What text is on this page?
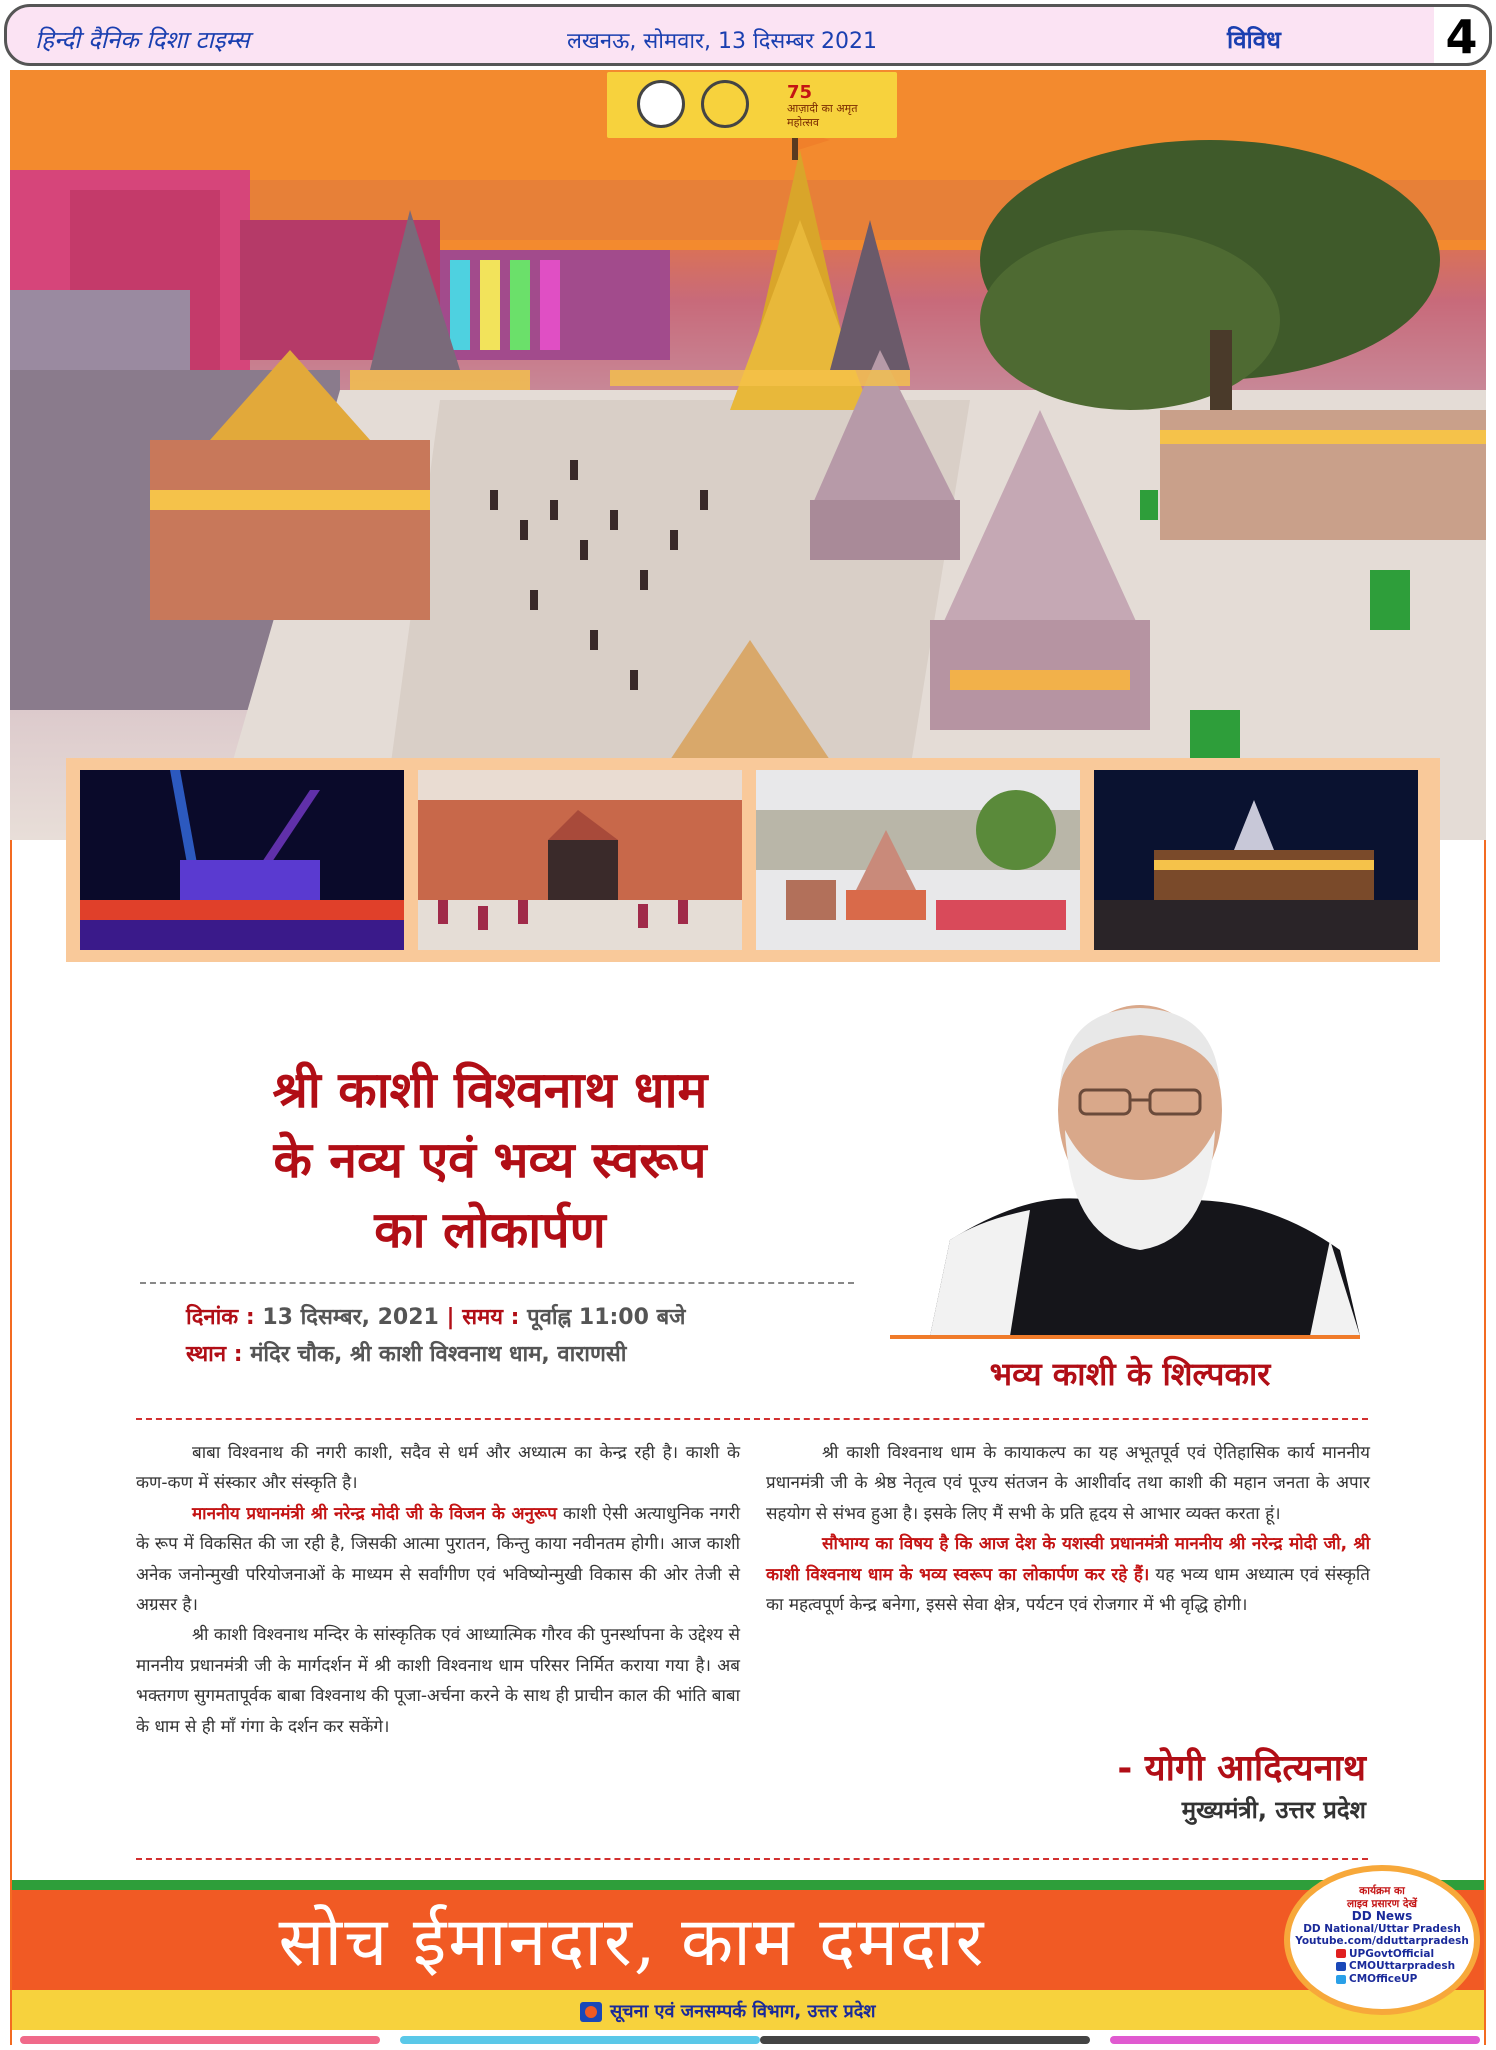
हिन्दी दैनिक दिशा टाइम्स	लखनऊ, सोमवार, 13 दिसम्बर 2021	विविध	4
75
आज़ादी का अमृत महोत्सव
श्री काशी विश्वनाथ धाम
के नव्य एवं भव्य स्वरूप
का लोकार्पण
दिनांक : 13 दिसम्बर, 2021 | समय : पूर्वाह्न 11:00 बजे
स्थान : मंदिर चौक, श्री काशी विश्वनाथ धाम, वाराणसी
भव्य काशी के शिल्पकार

बाबा विश्वनाथ की नगरी काशी, सदैव से धर्म और अध्यात्म का केन्द्र रही है। काशी के कण-कण में संस्कार और संस्कृति है।

माननीय प्रधानमंत्री श्री नरेन्द्र मोदी जी के विजन के अनुरूप काशी ऐसी अत्याधुनिक नगरी के रूप में विकसित की जा रही है, जिसकी आत्मा पुरातन, किन्तु काया नवीनतम होगी। आज काशी अनेक जनोन्मुखी परियोजनाओं के माध्यम से सर्वांगीण एवं भविष्योन्मुखी विकास की ओर तेजी से अग्रसर है।

श्री काशी विश्वनाथ मन्दिर के सांस्कृतिक एवं आध्यात्मिक गौरव की पुनर्स्थापना के उद्देश्य से माननीय प्रधानमंत्री जी के मार्गदर्शन में श्री काशी विश्वनाथ धाम परिसर निर्मित कराया गया है। अब भक्तगण सुगमतापूर्वक बाबा विश्वनाथ की पूजा-अर्चना करने के साथ ही प्राचीन काल की भांति बाबा के धाम से ही माँ गंगा के दर्शन कर सकेंगे।

श्री काशी विश्वनाथ धाम के कायाकल्प का यह अभूतपूर्व एवं ऐतिहासिक कार्य माननीय प्रधानमंत्री जी के श्रेष्ठ नेतृत्व एवं पूज्य संतजन के आशीर्वाद तथा काशी की महान जनता के अपार सहयोग से संभव हुआ है। इसके लिए मैं सभी के प्रति हृदय से आभार व्यक्त करता हूं।

सौभाग्य का विषय है कि आज देश के यशस्वी प्रधानमंत्री माननीय श्री नरेन्द्र मोदी जी, श्री काशी विश्वनाथ धाम के भव्य स्वरूप का लोकार्पण कर रहे हैं। यह भव्य धाम अध्यात्म एवं संस्कृति का महत्वपूर्ण केन्द्र बनेगा, इससे सेवा क्षेत्र, पर्यटन एवं रोजगार में भी वृद्धि होगी।

- योगी आदित्यनाथ
मुख्यमंत्री, उत्तर प्रदेश
सोच ईमानदार, काम दमदार
सूचना एवं जनसम्पर्क विभाग, उत्तर प्रदेश
कार्यक्रम का
लाइव प्रसारण देखें
DD News
DD National/Uttar Pradesh
Youtube.com/dduttarpradesh
UPGovtOfficial
CMOUttarpradesh
CMOfficeUP
